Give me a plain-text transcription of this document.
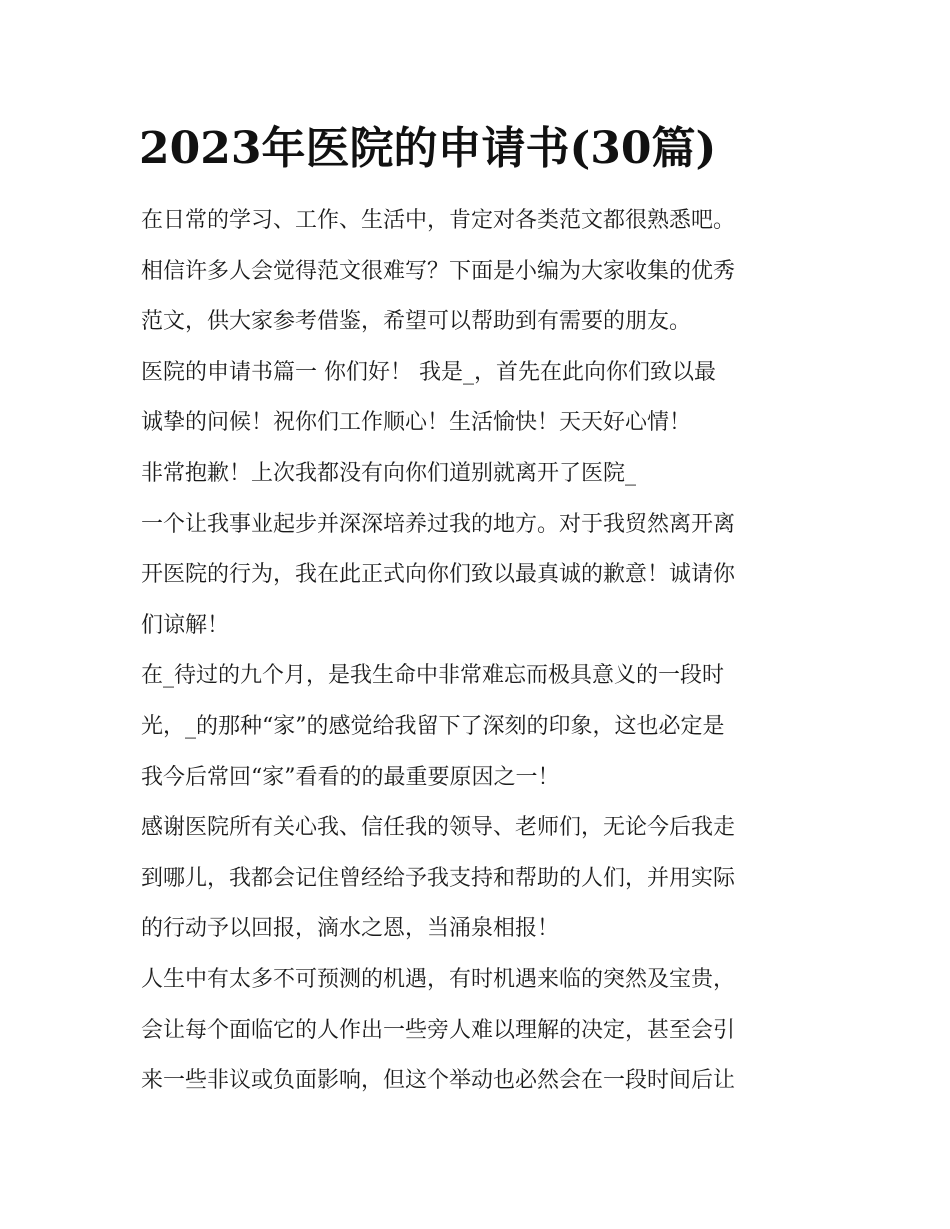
2023年医院的申请书(30篇)
在日常的学习、工作、生活中，肯定对各类范文都很熟悉吧。
相信许多人会觉得范文很难写？下面是小编为大家收集的优秀
范文，供大家参考借鉴，希望可以帮助到有需要的朋友。
医院的申请书篇一 你们好！ 我是_，首先在此向你们致以最
诚挚的问候！祝你们工作顺心！生活愉快！天天好心情！
非常抱歉！上次我都没有向你们道别就离开了医院_
一个让我事业起步并深深培养过我的地方。对于我贸然离开离
开医院的行为，我在此正式向你们致以最真诚的歉意！诚请你
们谅解！
在_待过的九个月，是我生命中非常难忘而极具意义的一段时
光，_的那种“家”的感觉给我留下了深刻的印象，这也必定是
我今后常回“家”看看的的最重要原因之一！
感谢医院所有关心我、信任我的领导、老师们，无论今后我走
到哪儿，我都会记住曾经给予我支持和帮助的人们，并用实际
的行动予以回报，滴水之恩，当涌泉相报！
人生中有太多不可预测的机遇，有时机遇来临的突然及宝贵，
会让每个面临它的人作出一些旁人难以理解的决定，甚至会引
来一些非议或负面影响，但这个举动也必然会在一段时间后让
